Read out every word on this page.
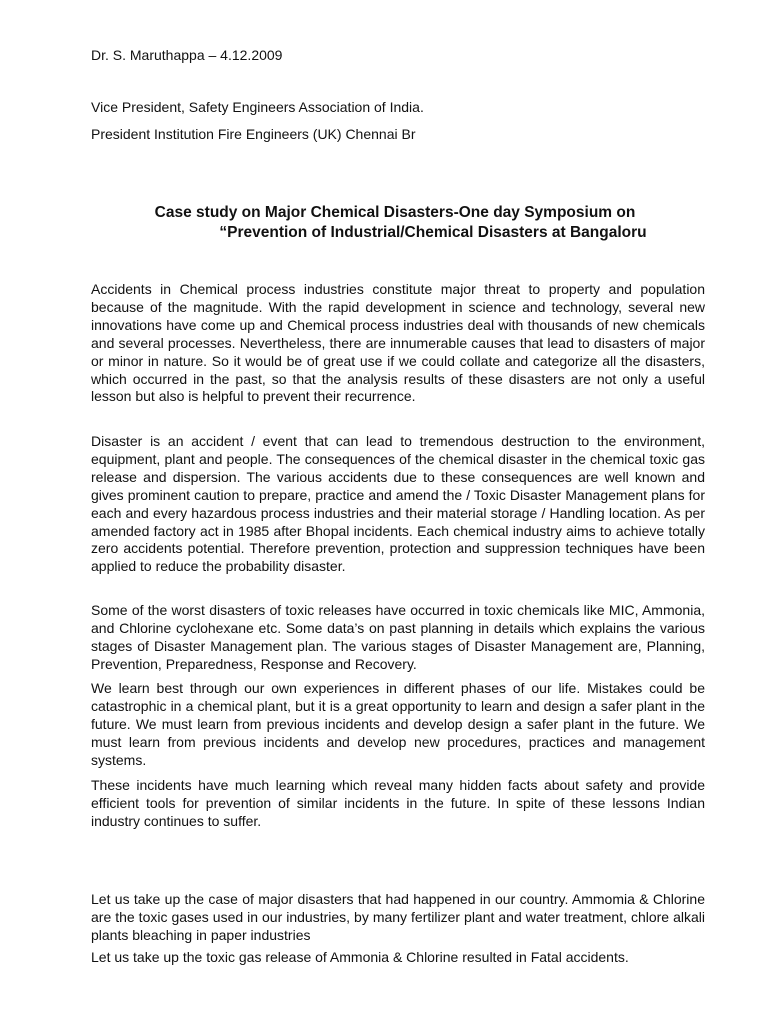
Dr. S. Maruthappa – 4.12.2009
Vice President, Safety Engineers Association of India.
President Institution Fire Engineers (UK) Chennai Br
Case study on Major Chemical Disasters-One day Symposium on
“Prevention of Industrial/Chemical Disasters at Bangaloru

Accidents in Chemical process industries constitute major threat to property and population because of the magnitude. With the rapid development in science and technology, several new innovations have come up and Chemical process industries deal with thousands of new chemicals and several processes. Nevertheless, there are innumerable causes that lead to disasters of major or minor in nature. So it would be of great use if we could collate and categorize all the disasters, which occurred in the past, so that the analysis results of these disasters are not only a useful lesson but also is helpful to prevent their recurrence.

Disaster is an accident / event that can lead to tremendous destruction to the environment, equipment, plant and people. The consequences of the chemical disaster in the chemical toxic gas release and dispersion. The various accidents due to these consequences are well known and gives prominent caution to prepare, practice and amend the / Toxic Disaster Management plans for each and every hazardous process industries and their material storage / Handling location. As per amended factory act in 1985 after Bhopal incidents. Each chemical industry aims to achieve totally zero accidents potential. Therefore prevention, protection and suppression techniques have been applied to reduce the probability disaster.

Some of the worst disasters of toxic releases have occurred in toxic chemicals like MIC, Ammonia, and Chlorine cyclohexane etc. Some data’s on past planning in details which explains the various stages of Disaster Management plan. The various stages of Disaster Management are, Planning, Prevention, Preparedness, Response and Recovery.

We learn best through our own experiences in different phases of our life. Mistakes could be catastrophic in a chemical plant, but it is a great opportunity to learn and design a safer plant in the future. We must learn from previous incidents and develop design a safer plant in the future. We must learn from previous incidents and develop new procedures, practices and management systems.

These incidents have much learning which reveal many hidden facts about safety and provide efficient tools for prevention of similar incidents in the future. In spite of these lessons Indian industry continues to suffer.

Let us take up the case of major disasters that had happened in our country. Ammomia & Chlorine are the toxic gases used in our industries, by many fertilizer plant and water treatment, chlore alkali plants bleaching in paper industries

Let us take up the toxic gas release of Ammonia & Chlorine resulted in Fatal accidents.
